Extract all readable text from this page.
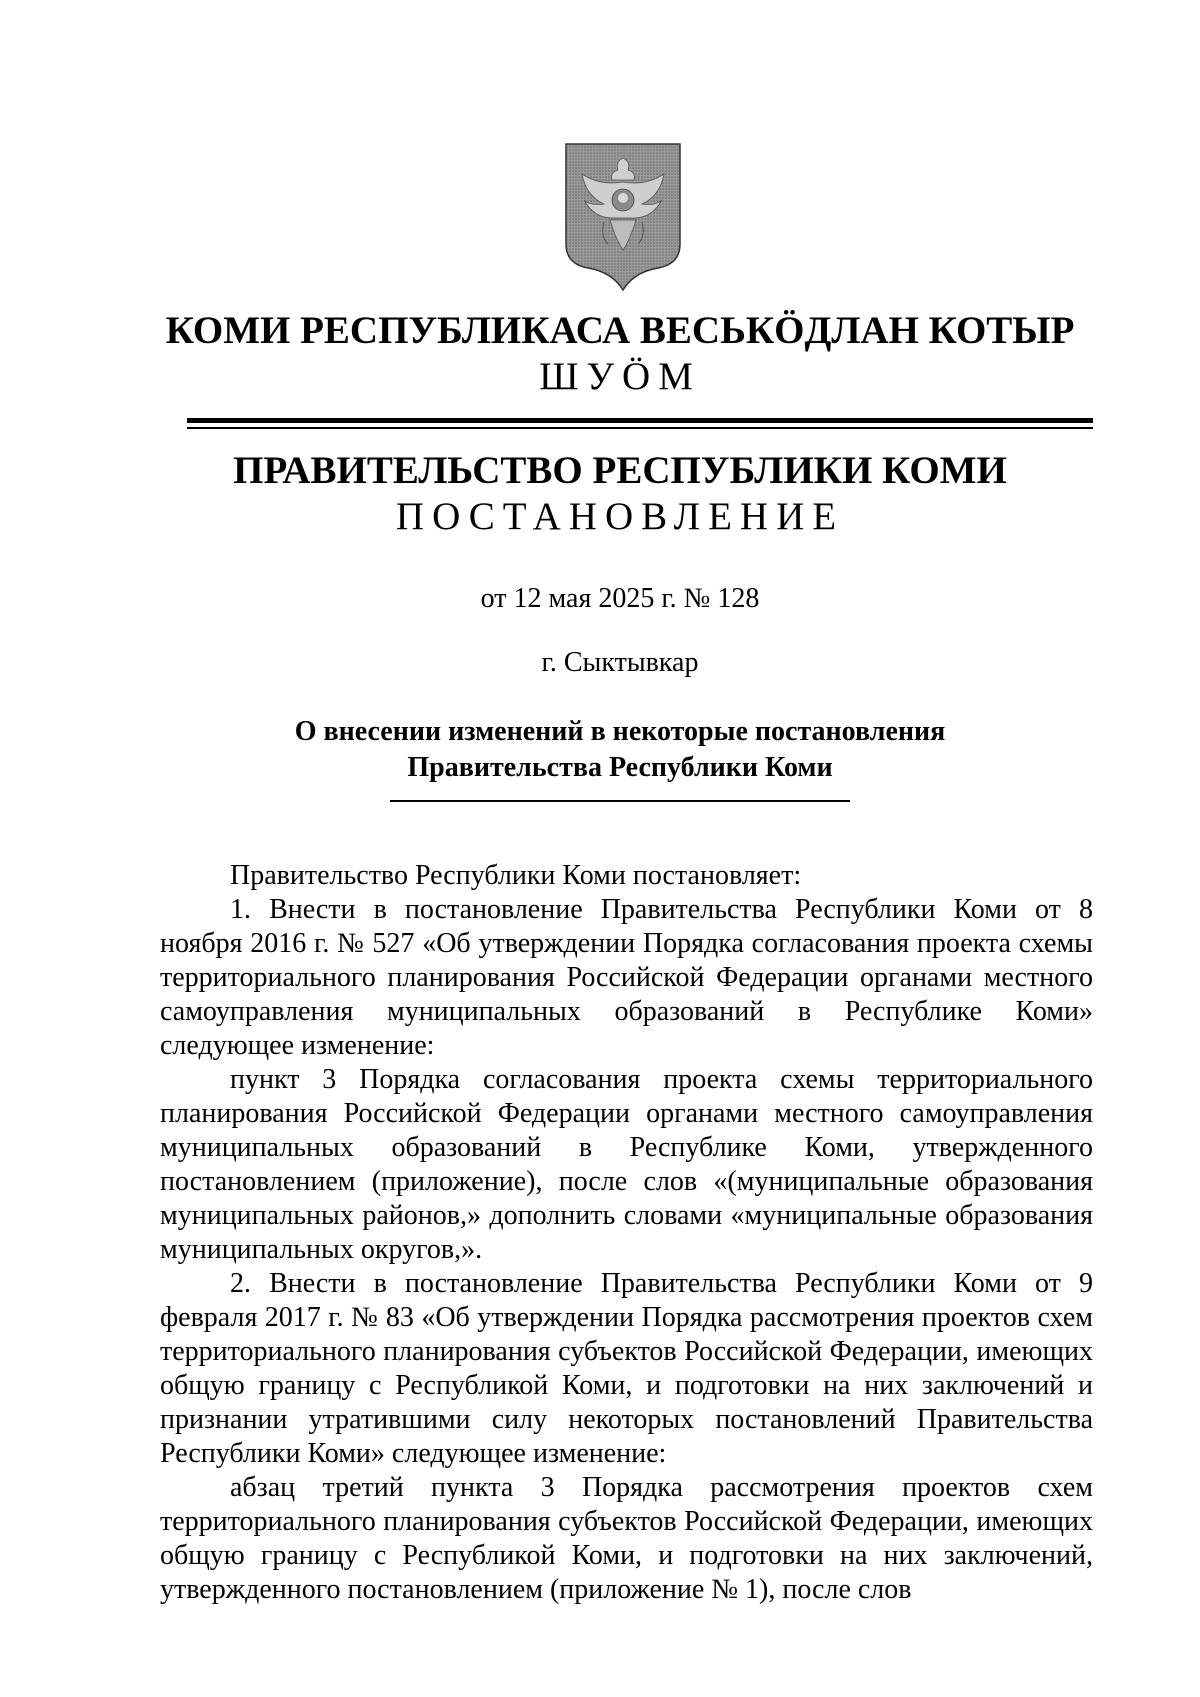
КОМИ РЕСПУБЛИКАСА ВЕСЬКӦДЛАН КОТЫР
ШУӦМ
ПРАВИТЕЛЬСТВО РЕСПУБЛИКИ КОМИ
ПОСТАНОВЛЕНИЕ
от 12 мая 2025 г. № 128
г. Сыктывкар
О внесении изменений в некоторые постановления
Правительства Республики Коми

Правительство Республики Коми постановляет:

1. Внести в постановление Правительства Республики Коми от 8 ноября 2016 г. № 527 «Об утверждении Порядка согласования проекта схемы территориального планирования Российской Федерации органами местного самоуправления муниципальных образований в Республике Коми» следующее изменение:

пункт 3 Порядка согласования проекта схемы территориального планирования Российской Федерации органами местного самоуправления муниципальных образований в Республике Коми, утвержденного постановлением (приложение), после слов «(муниципальные образования муниципальных районов,» дополнить словами «муниципальные образования муниципальных округов,».

2. Внести в постановление Правительства Республики Коми от 9 февраля 2017 г. № 83 «Об утверждении Порядка рассмотрения проектов схем территориального планирования субъектов Российской Федерации, имеющих общую границу с Республикой Коми, и подготовки на них заключений и признании утратившими силу некоторых постановлений Правительства Республики Коми» следующее изменение:

абзац третий пункта 3 Порядка рассмотрения проектов схем территориального планирования субъектов Российской Федерации, имеющих общую границу с Республикой Коми, и подготовки на них заключений, утвержденного постановлением (приложение № 1), после слов
